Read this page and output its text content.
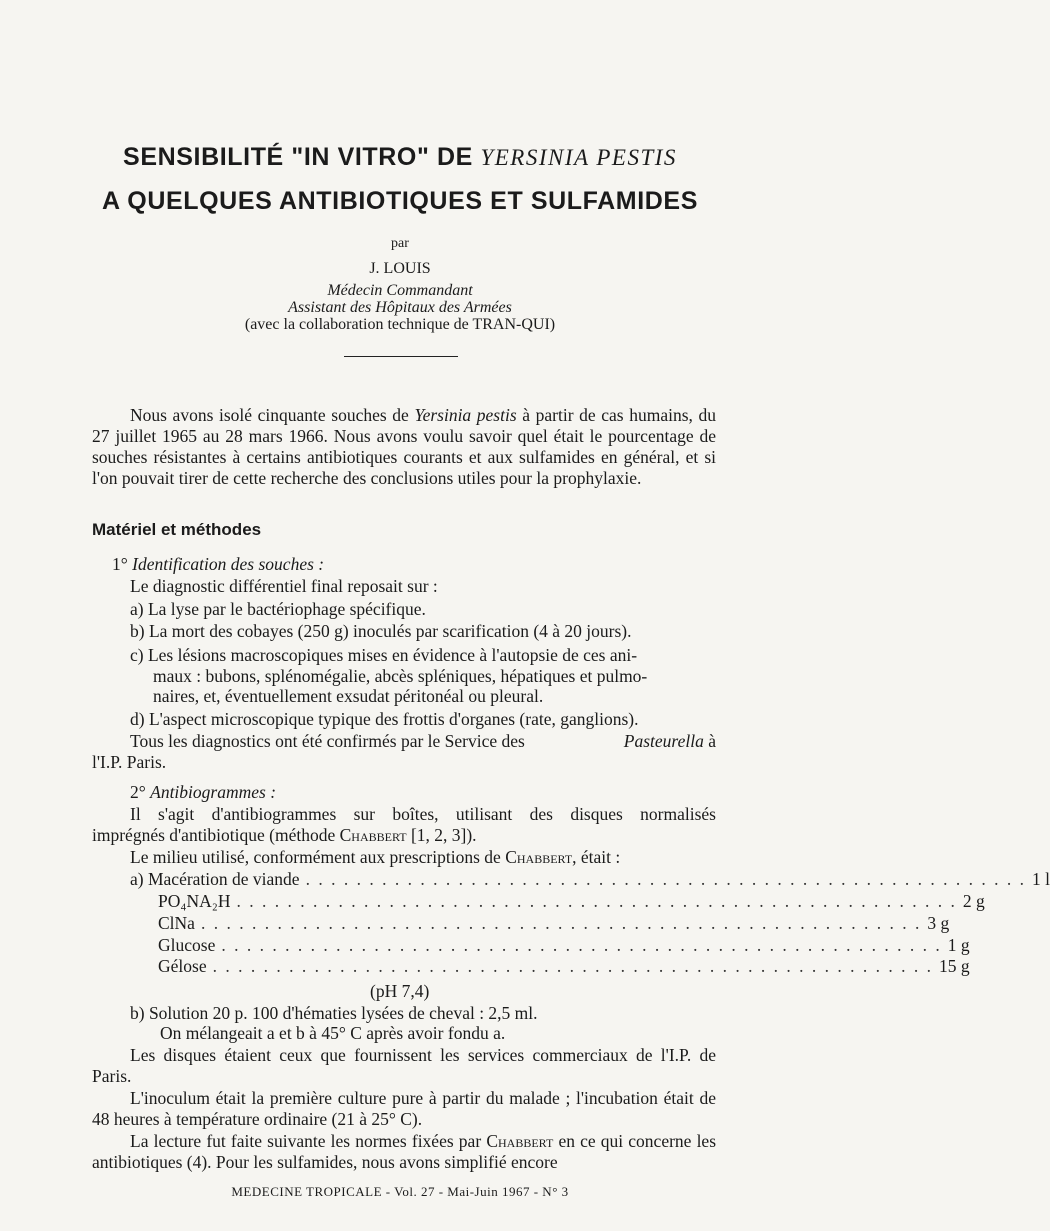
SENSIBILITÉ "IN VITRO" DE YERSINIA PESTIS
A QUELQUES ANTIBIOTIQUES ET SULFAMIDES
par
J. LOUIS
Médecin Commandant
Assistant des Hôpitaux des Armées
(avec la collaboration technique de TRAN-QUI)
Nous avons isolé cinquante souches de Yersinia pestis à partir de cas humains, du 27 juillet 1965 au 28 mars 1966. Nous avons voulu savoir quel était le pourcentage de souches résistantes à certains antibiotiques courants et aux sulfamides en général, et si l'on pouvait tirer de cette recherche des conclusions utiles pour la prophylaxie.
Matériel et méthodes
1° Identification des souches :
Le diagnostic différentiel final reposait sur :
a) La lyse par le bactériophage spécifique.
b) La mort des cobayes (250 g) inoculés par scarification (4 à 20 jours).
c) Les lésions macroscopiques mises en évidence à l'autopsie de ces ani-
maux : bubons, splénomégalie, abcès spléniques, hépatiques et pulmo-
naires, et, éventuellement exsudat péritonéal ou pleural.
d) L'aspect microscopique typique des frottis d'organes (rate, ganglions).
Tous les diagnostics ont été confirmés par le Service des	Pasteurella à
l'I.P. Paris.
2° Antibiogrammes :
Il s'agit d'antibiogrammes sur boîtes, utilisant des disques normalisés
imprégnés d'antibiotique (méthode Chabbert [1, 2, 3]).
Le milieu utilisé, conformément aux prescriptions de Chabbert, était :
a) Macération de viande . . . . . . . . . . . . . . . . . . . . . . . . . . . . . . . . . . . . . . . . . . . . . . . . . . . . . . . . . 1 l
PO₄NA₂H . . . . . . . . . . . . . . . . . . . . . . . . . . . . . . . . . . . . . . . . . . . . . . . . . . . . . . . . . 2 g
ClNa . . . . . . . . . . . . . . . . . . . . . . . . . . . . . . . . . . . . . . . . . . . . . . . . . . . . . . . . . 3 g
Glucose . . . . . . . . . . . . . . . . . . . . . . . . . . . . . . . . . . . . . . . . . . . . . . . . . . . . . . . . . 1 g
Gélose . . . . . . . . . . . . . . . . . . . . . . . . . . . . . . . . . . . . . . . . . . . . . . . . . . . . . . . . . 15 g
(pH 7,4)
b) Solution 20 p. 100 d'hématies lysées de cheval : 2,5 ml.
On mélangeait a et b à 45° C après avoir fondu a.
Les disques étaient ceux que fournissent les services commerciaux de l'I.P. de Paris.
L'inoculum était la première culture pure à partir du malade ; l'incubation était de 48 heures à température ordinaire (21 à 25° C).
La lecture fut faite suivante les normes fixées par Chabbert en ce qui concerne les antibiotiques (4). Pour les sulfamides, nous avons simplifié encore
MEDECINE TROPICALE - Vol. 27 - Mai-Juin 1967 - N° 3
